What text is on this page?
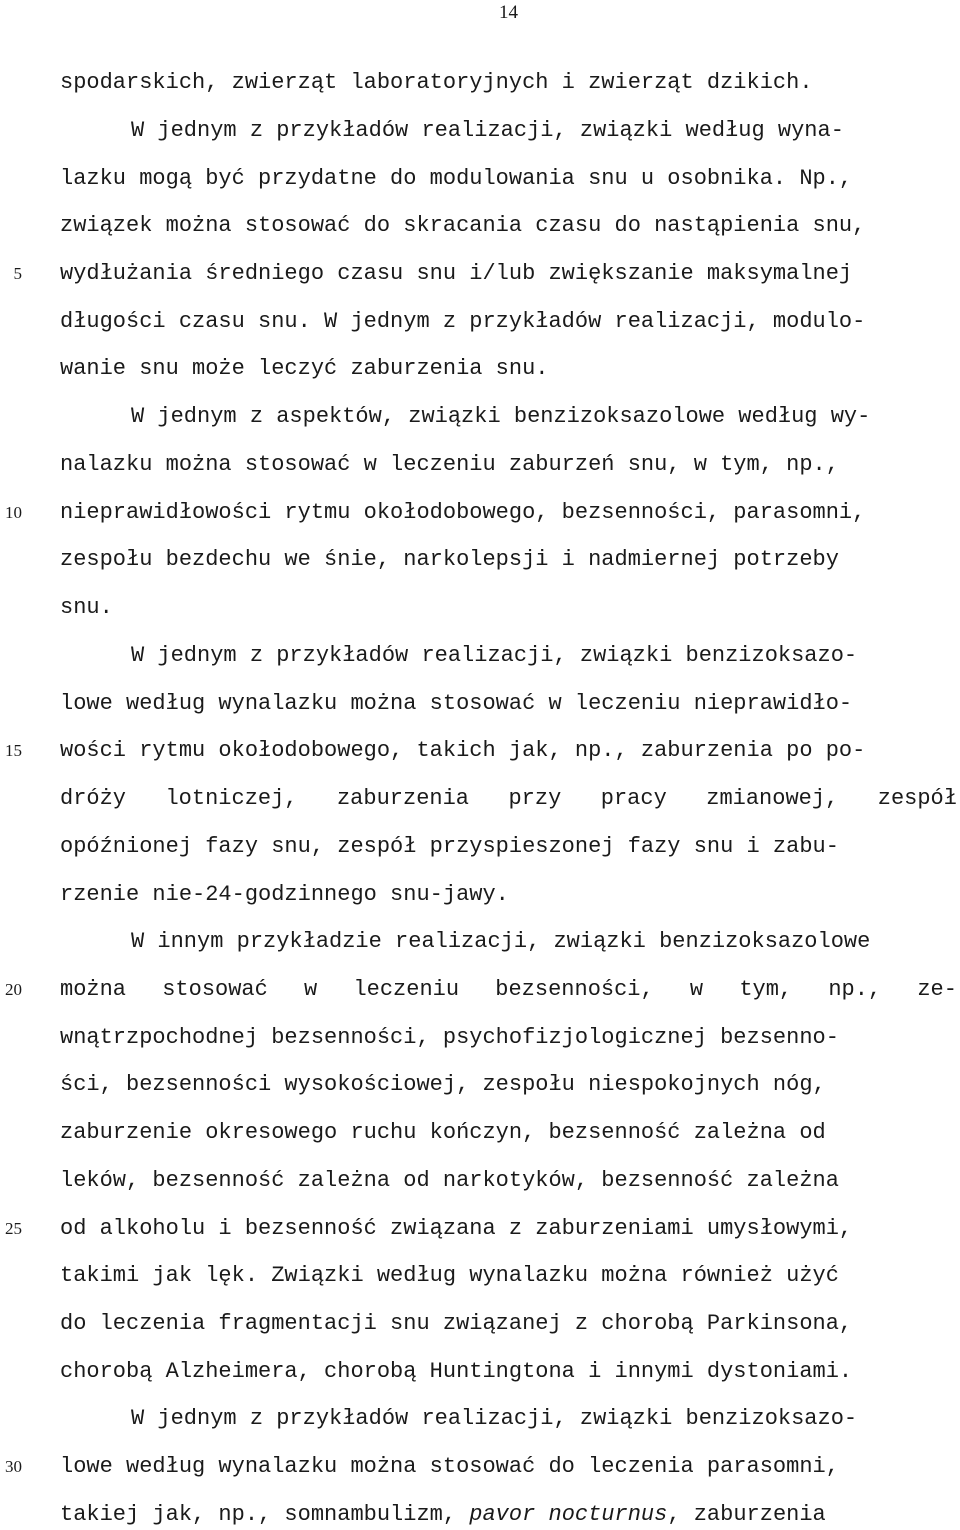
14
5
10
15
20
25
30
spodarskich, zwierząt laboratoryjnych i zwierząt dzikich.
W jednym z przykładów realizacji, związki według wyna-
lazku mogą być przydatne do modulowania snu u osobnika. Np.,
związek można stosować do skracania czasu do nastąpienia snu,
wydłużania średniego czasu snu i/lub zwiększanie maksymalnej
długości czasu snu. W jednym z przykładów realizacji, modulo-
wanie snu może leczyć zaburzenia snu.
W jednym z aspektów, związki benzizoksazolowe według wy-
nalazku można stosować w leczeniu zaburzeń snu, w tym, np.,
nieprawidłowości rytmu okołodobowego, bezsenności, parasomni,
zespołu bezdechu we śnie, narkolepsji i nadmiernej potrzeby
snu.
W jednym z przykładów realizacji, związki benzizoksazo-
lowe według wynalazku można stosować w leczeniu nieprawidło-
wości rytmu okołodobowego, takich jak, np., zaburzenia po po-
dróży lotniczej, zaburzenia przy pracy zmianowej, zespół
opóźnionej fazy snu, zespół przyspieszonej fazy snu i zabu-
rzenie nie-24-godzinnego snu-jawy.
W innym przykładzie realizacji, związki benzizoksazolowe
można stosować w leczeniu bezsenności, w tym, np., ze-
wnątrzpochodnej bezsenności, psychofizjologicznej bezsenno-
ści, bezsenności wysokościowej, zespołu niespokojnych nóg,
zaburzenie okresowego ruchu kończyn, bezsenność zależna od
leków, bezsenność zależna od narkotyków, bezsenność zależna
od alkoholu i bezsenność związana z zaburzeniami umysłowymi,
takimi jak lęk. Związki według wynalazku można również użyć
do leczenia fragmentacji snu związanej z chorobą Parkinsona,
chorobą Alzheimera, chorobą Huntingtona i innymi dystoniami.
W jednym z przykładów realizacji, związki benzizoksazo-
lowe według wynalazku można stosować do leczenia parasomni,
takiej jak, np., somnambulizm, pavor nocturnus, zaburzenia
